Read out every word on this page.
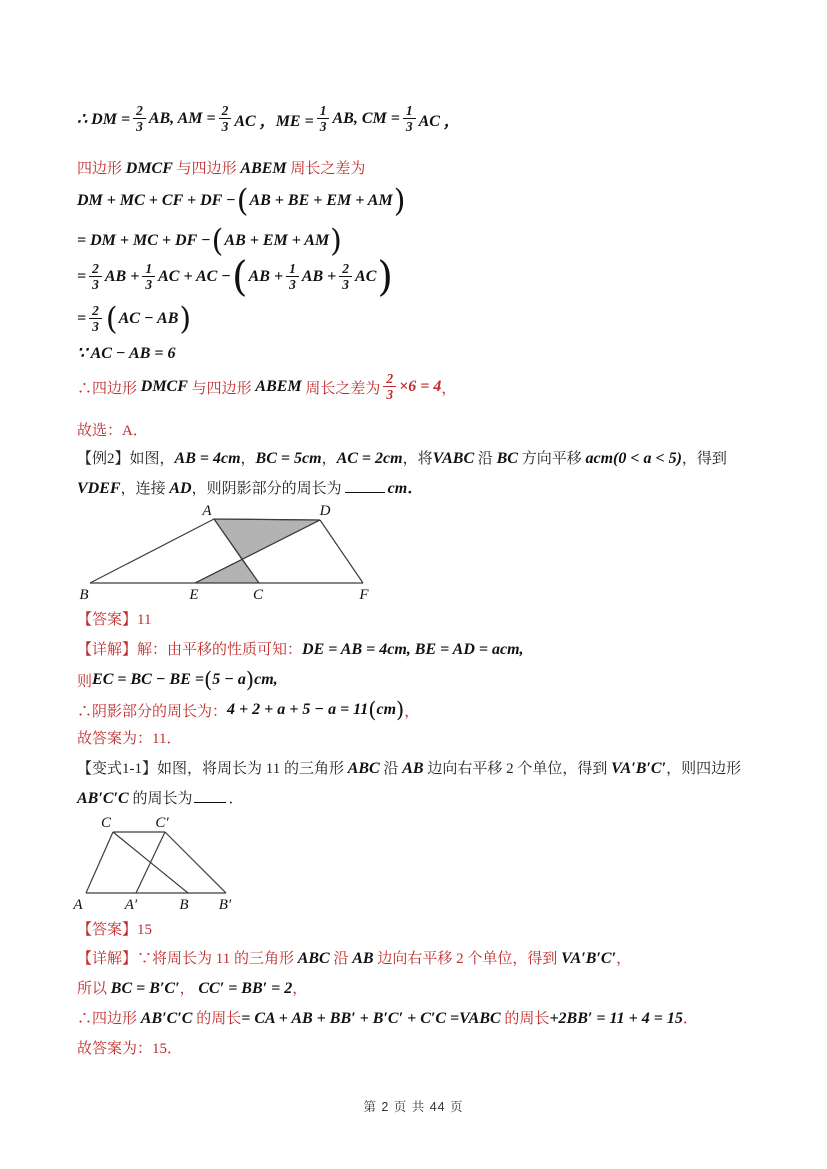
∴ DM = $\frac{2}{3}$ AB, AM = $\frac{2}{3}$ AC ，ME = $\frac{1}{3}$ AB, CM = $\frac{1}{3}$ AC ，
四边形 DMCF 与四边形 ABEM 周长之差为
DM + MC + CF + DF − ( AB + BE + EM + AM )
= DM + MC + DF − ( AB + EM + AM )
= $\frac{2}{3}$ AB + $\frac{1}{3}$ AC + AC − ( AB + $\frac{1}{3}$ AB + $\frac{2}{3}$ AC )
= $\frac{2}{3}$ ( AC − AB )
∵ AC − AB = 6
∴四边形 DMCF 与四边形 ABEM 周长之差为 $\frac{2}{3} \times 6 = 4$ ，
故选：A．
【例2】如图，AB = 4cm，BC = 5cm，AC = 2cm，将VABC 沿 BC 方向平移 acm(0 < a < 5)，得到 VDEF，连接 AD，则阴影部分的周长为	cm．
A	D
B	E	C	F
【答案】11
【详解】解：由平移的性质可知：DE = AB = 4cm, BE = AD = acm,
则 EC = BC − BE = ( 5 − a ) cm,
∴阴影部分的周长为： 4 + 2 + a + 5 − a = 11 ( cm ) ，
故答案为：11．
【变式1-1】如图，将周长为 11 的三角形 ABC 沿 AB 边向右平移 2 个单位，得到 VA′B′C′，则四边形 AB′C′C 的周长为 ．
C	C′
A	A′	B B′
【答案】15
【详解】∵将周长为 11 的三角形 ABC 沿 AB 边向右平移 2 个单位，得到 VA′B′C′，
所以 BC = B′C′， CC′ = BB′ = 2，
∴四边形 AB′C′C 的周长= CA + AB + BB′ + B′C′ + C′C =VABC 的周长+2BB′ = 11 + 4 = 15．
故答案为：15．
第 2 页 共 44 页
